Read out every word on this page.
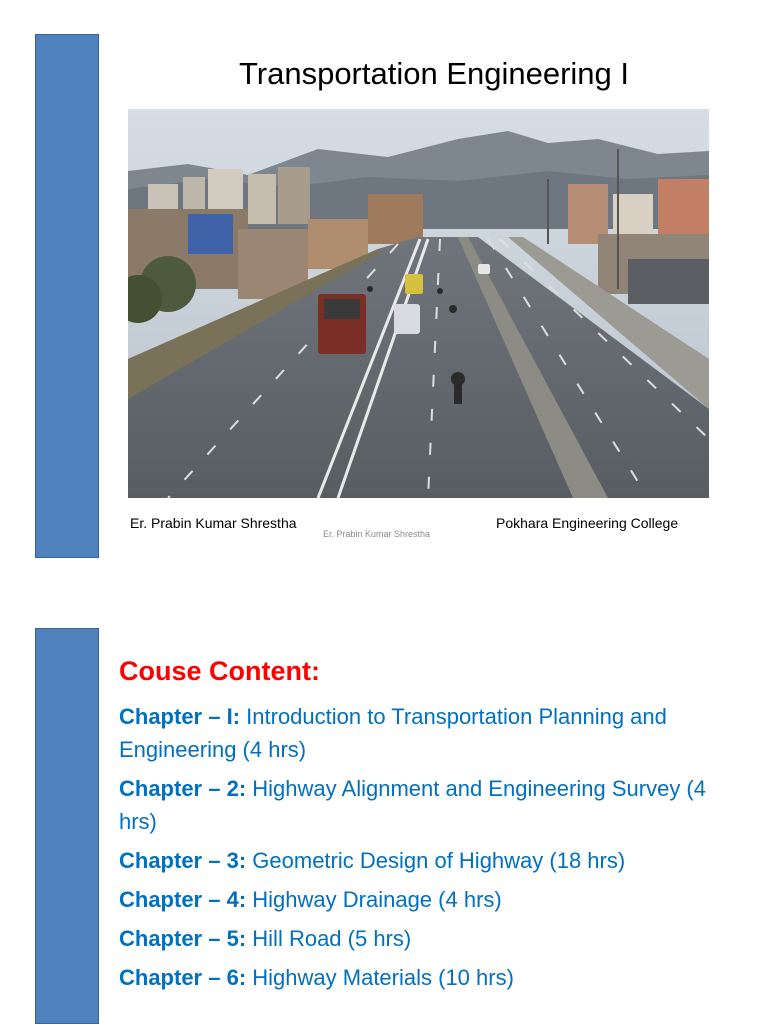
Transportation Engineering I
Er. Prabin Kumar Shrestha
Er. Prabin Kumar Shrestha
Pokhara Engineering College
Couse Content:
Chapter – I: Introduction to Transportation Planning and Engineering (4 hrs)
Chapter – 2: Highway Alignment and Engineering Survey (4 hrs)
Chapter – 3: Geometric Design of Highway (18 hrs)
Chapter – 4: Highway Drainage (4 hrs)
Chapter – 5: Hill Road (5 hrs)
Chapter – 6: Highway Materials (10 hrs)
